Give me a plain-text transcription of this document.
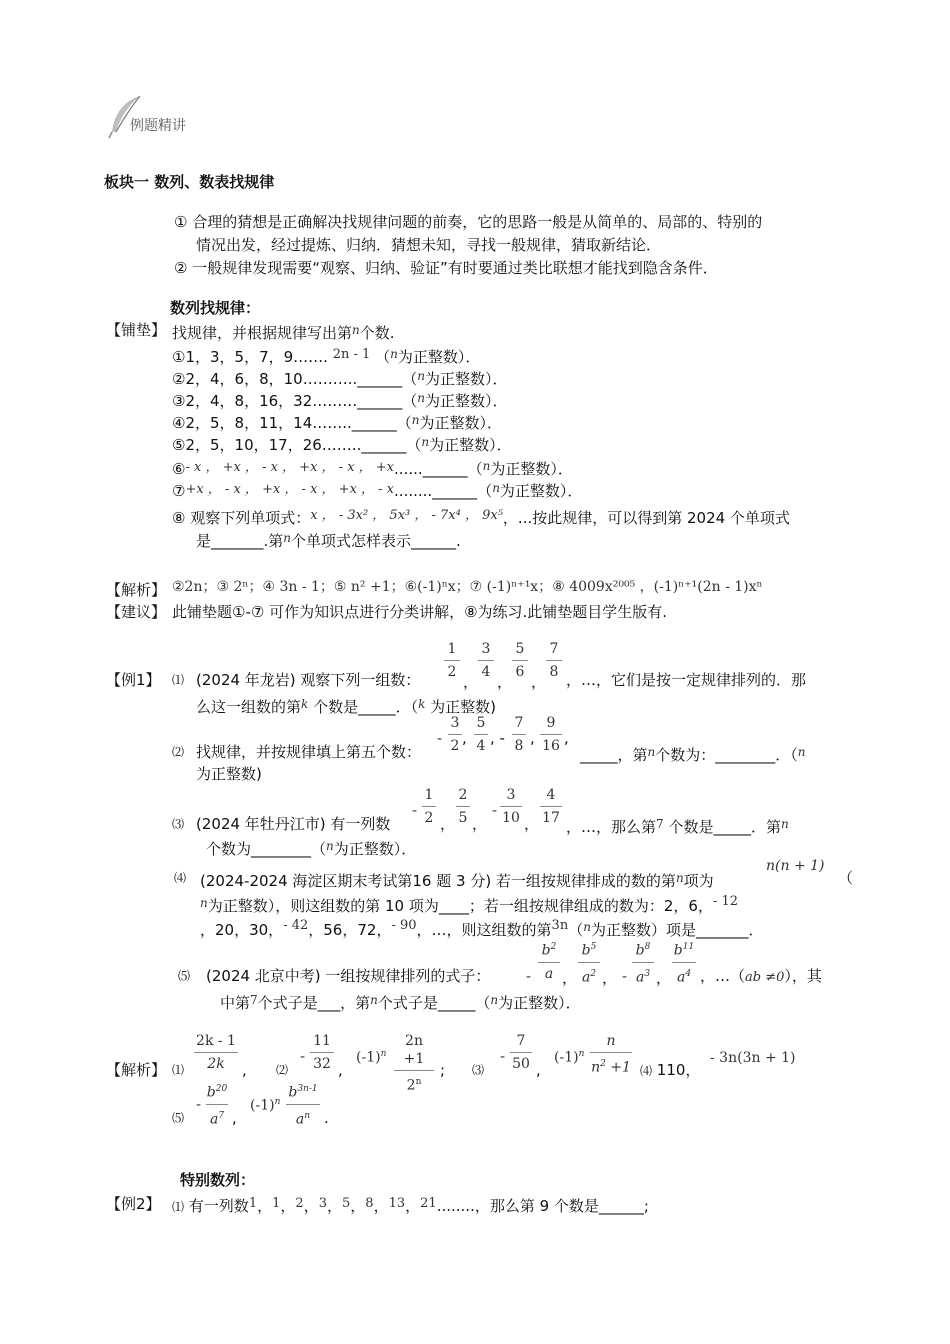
例题精讲
板块一 数列、数表找规律
① 合理的猜想是正确解决找规律问题的前奏，它的思路一般是从简单的、局部的、特别的
情况出发，经过提炼、归纳．猜想未知，寻找一般规律，猜取新结论．
② 一般规律发现需要“观察、归纳、验证”有时要通过类比联想才能找到隐含条件．
数列找规律：
【铺垫】 找规律，并根据规律写出第$^n$个数.
①1，3，5，7，9……. 2n - 1 （$^n$为正整数）．
②2，4，6，8，10………..______（$^n$为正整数）．
③2，4，8，16，32………______（$^n$为正整数）．
④2，5，8，11，14……..______（$^n$为正整数）．
⑤2，5，10，17，26……..______（$^n$为正整数）．
⑥- x ， +x ， - x ， +x ， - x ， +x......______（$^n$为正整数）．
⑦+x ， - x ， +x ， - x ， +x ， - x........______（$^n$为正整数）．
⑧ 观察下列单项式：x ， - 3x² ， 5x³ ， - 7x⁴ ， 9x⁵，...按此规律，可以得到第 2024 个单项式
是_______.第$^n$个单项式怎样表示______.
【解析】 ②2n；③ 2ⁿ；④ 3n - 1；⑤ n² +1；⑥(-1)ⁿx；⑦ (-1)ⁿ⁺¹x；⑧ 4009x²⁰⁰⁵ ，(-1)ⁿ⁺¹(2n - 1)xⁿ
【建议】 此铺垫题①-⑦ 可作为知识点进行分类讲解，⑧为练习.此铺垫题目学生版有.
【例1】 ⑴ (2024 年龙岩) 观察下列一组数：
1
2
，
3
4
，
5
6
，
7
8 ，…，它们是按一定规律排列的．那
么这一组数的第$^k$ 个数是_____．（$^k$ 为正整数)
⑵ 找规律，并按规律填上第五个数：
-
3
2 ,
5
4 , -
7
8 ,
9
16 ,
_____，第$^n$个数为：________．（$^n$
为正整数)
⑶ (2024 年牡丹江市) 有一列数
-
1
2 ，
2
5 ，
-
3
10 ，
4
17 ，…，那么第$^7$ 个数是_____．第$^n$
个数为________（$^n$为正整数）．
⑷ (2024-2024 海淀区期末考试第16 题 3 分) 若一组按规律排成的数的第$^n$项为
n(n + 1)
（
$^n$为正整数），则这组数的第 10 项为____；若一组按规律组成的数为：2，6，- 12
，20，30，- 42，56，72，- 90，…，则这组数的第3n（$^n$为正整数）项是_______．
⑸ (2024 北京中考) 一组按规律排列的式子： -
$b^2$
a ，
$b^5$
$a^2$ ， -
$b^8$
$a^3$ ，
$b^{11}$
$a^4$ ，…（ab ≠0），其
中第$^7$个式子是___，第$^n$个式子是_____（$^n$为正整数）．
【解析】 ⑴
2k - 1
2k	, ⑵
-
11
32 ,
$(-1)^n$
2n +1
2$^n$
; ⑶
-
7
50 ,
$(-1)^n$
n
$n^2 +1$ ⑷ 110，
- 3n(3n + 1)
⑸
-
$b^{20}$
$a^7$ ,
$(-1)^n$
$b^{3n-1}$
$a^n$ .
特别数列：
【例2】 ⑴ 有一列数1，1，2，3，5，8，13，21........，那么第 9 个数是______;
